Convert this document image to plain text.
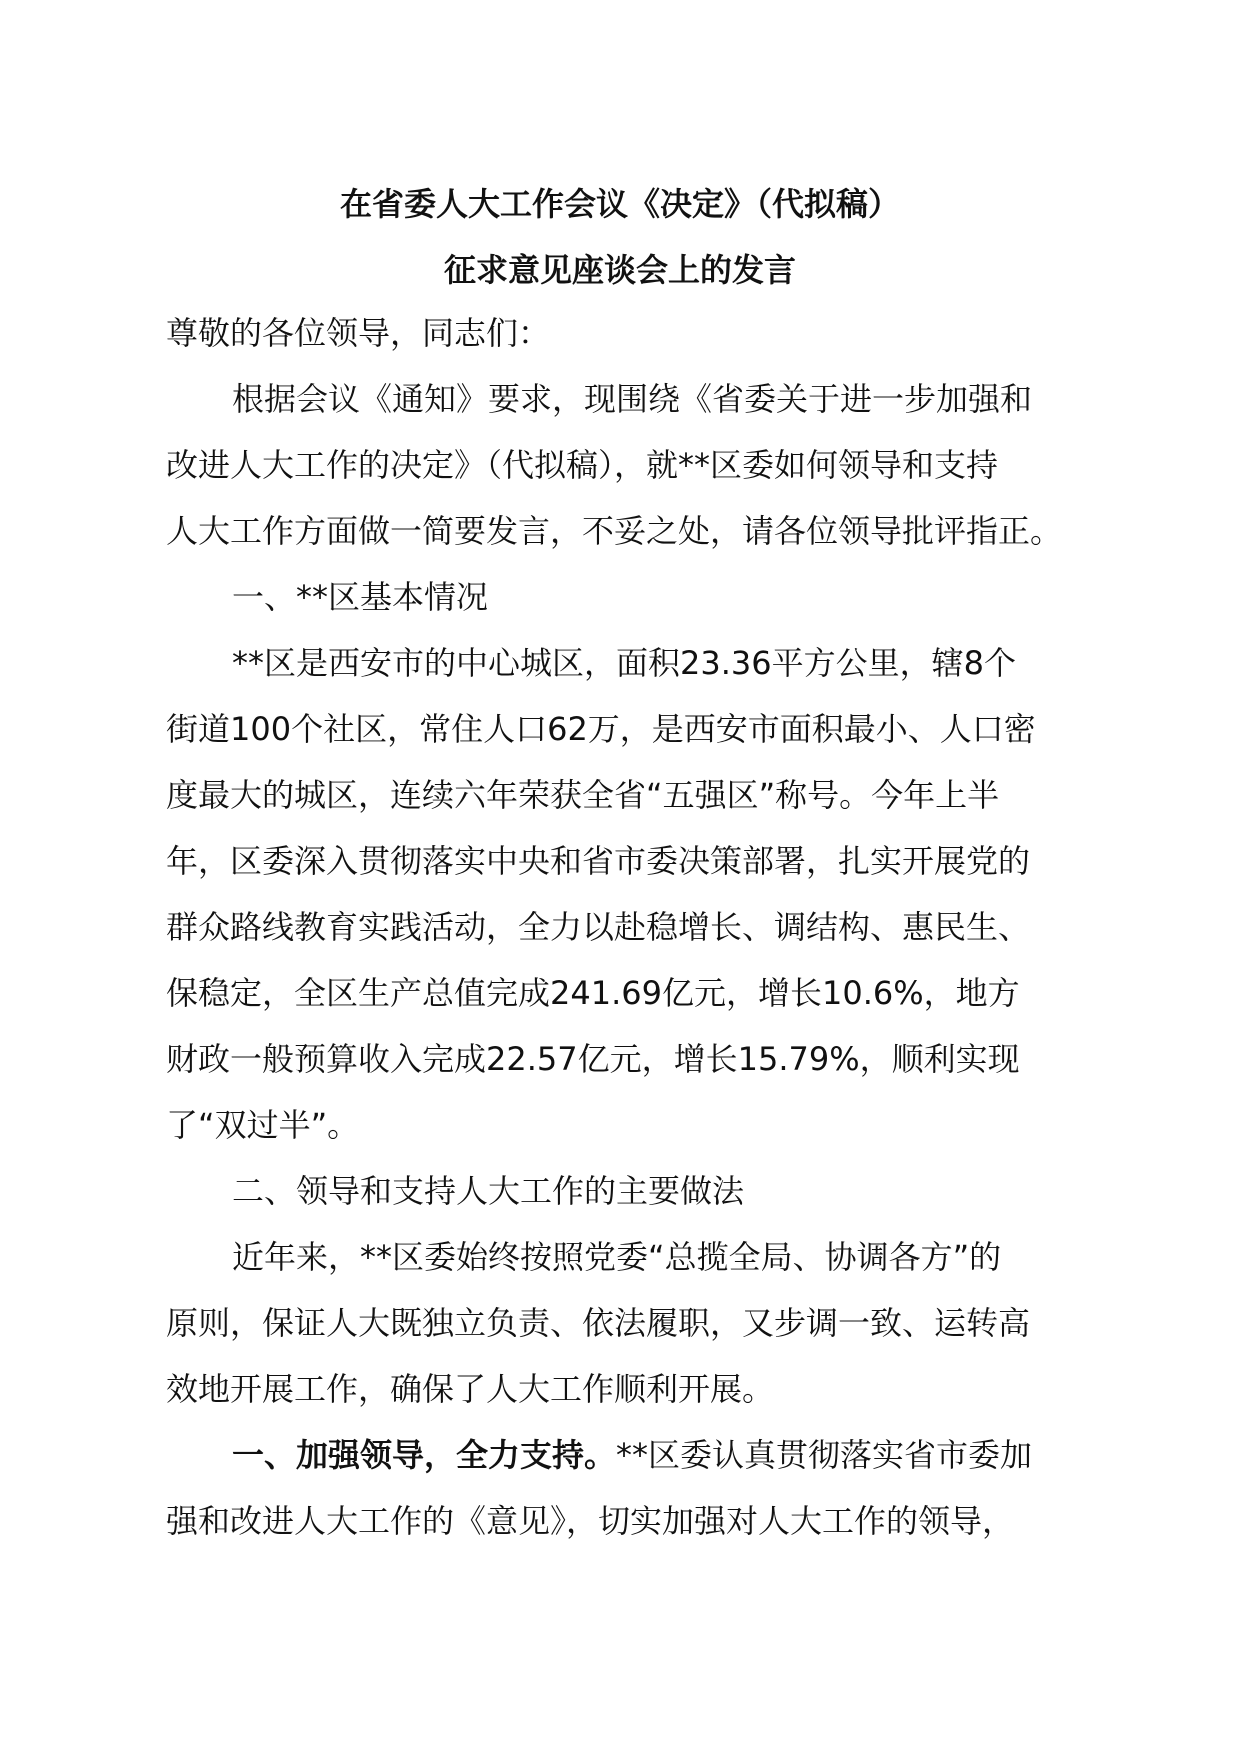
在省委人大工作会议《决定》（代拟稿）
征求意见座谈会上的发言
尊敬的各位领导，同志们：
根据会议《通知》要求，现围绕《省委关于进一步加强和
改进人大工作的决定》（代拟稿），就**区委如何领导和支持
人大工作方面做一简要发言，不妥之处，请各位领导批评指正。
一、**区基本情况
**区是西安市的中心城区，面积23.36平方公里，辖8个
街道100个社区，常住人口62万，是西安市面积最小、人口密
度最大的城区，连续六年荣获全省“五强区”称号。今年上半
年，区委深入贯彻落实中央和省市委决策部署，扎实开展党的
群众路线教育实践活动，全力以赴稳增长、调结构、惠民生、
保稳定，全区生产总值完成241.69亿元，增长10.6%，地方
财政一般预算收入完成22.57亿元，增长15.79%，顺利实现
了“双过半”。
二、领导和支持人大工作的主要做法
近年来，**区委始终按照党委“总揽全局、协调各方”的
原则，保证人大既独立负责、依法履职，又步调一致、运转高
效地开展工作，确保了人大工作顺利开展。
一、加强领导，全力支持。**区委认真贯彻落实省市委加
强和改进人大工作的《意见》，切实加强对人大工作的领导，
